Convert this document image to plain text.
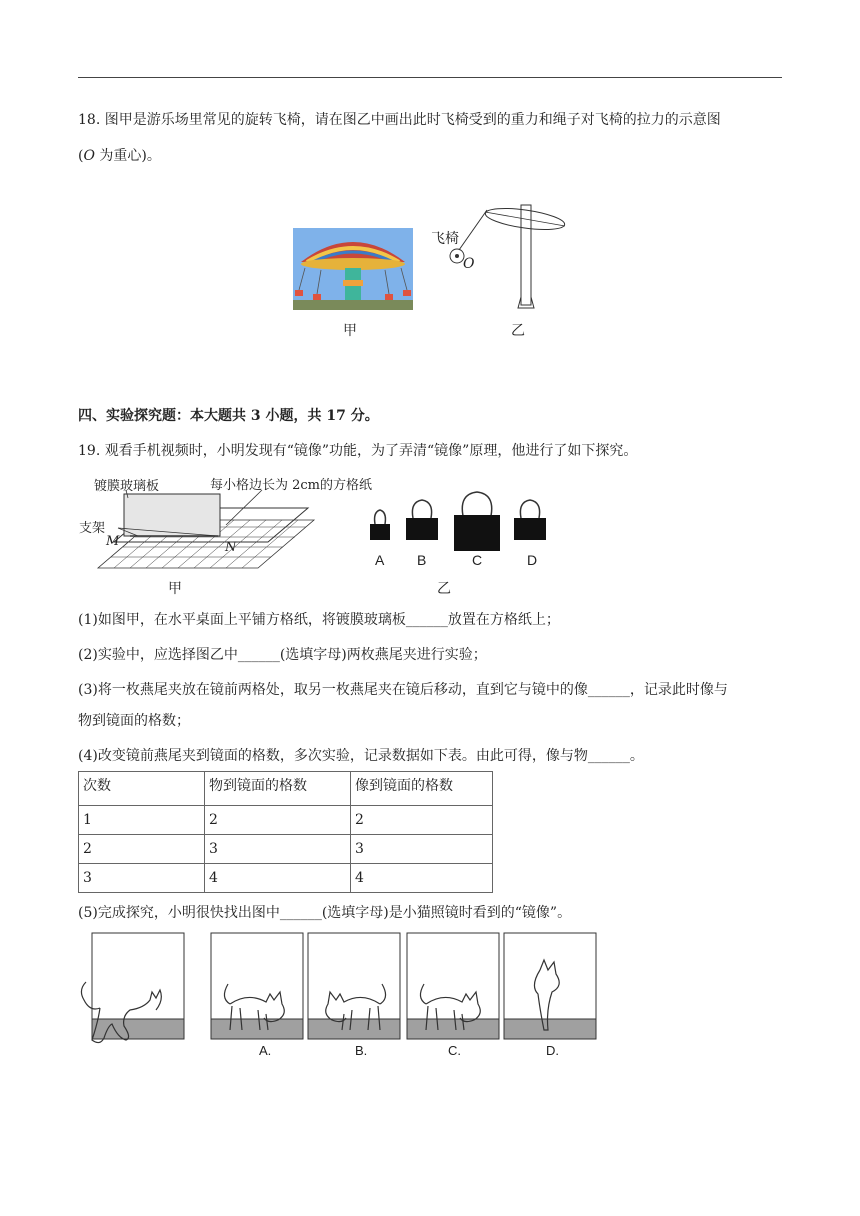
18. 图甲是游乐场里常见的旋转飞椅，请在图乙中画出此时飞椅受到的重力和绳子对飞椅的拉力的示意图
(O 为重心)。
甲
飞椅
O
乙
四、实验探究题：本大题共 3 小题，共 17 分。
19. 观看手机视频时，小明发现有“镜像”功能，为了弄清“镜像”原理，他进行了如下探究。
镀膜玻璃板	每小格边长为 2cm的方格纸
支架
M	N
甲
A B	C	D
乙
(1)如图甲，在水平桌面上平铺方格纸，将镀膜玻璃板______放置在方格纸上；
(2)实验中，应选择图乙中______(选填字母)两枚燕尾夹进行实验；
(3)将一枚燕尾夹放在镜前两格处，取另一枚燕尾夹在镜后移动，直到它与镜中的像______，记录此时像与
物到镜面的格数；
(4)改变镜前燕尾夹到镜面的格数，多次实验，记录数据如下表。由此可得，像与物______。
次数	物到镜面的格数	像到镜面的格数
1	2	2
2	3	3
3	4	4
(5)完成探究，小明很快找出图中______(选填字母)是小猫照镜时看到的“镜像”。
A.	B.	C.	D.
